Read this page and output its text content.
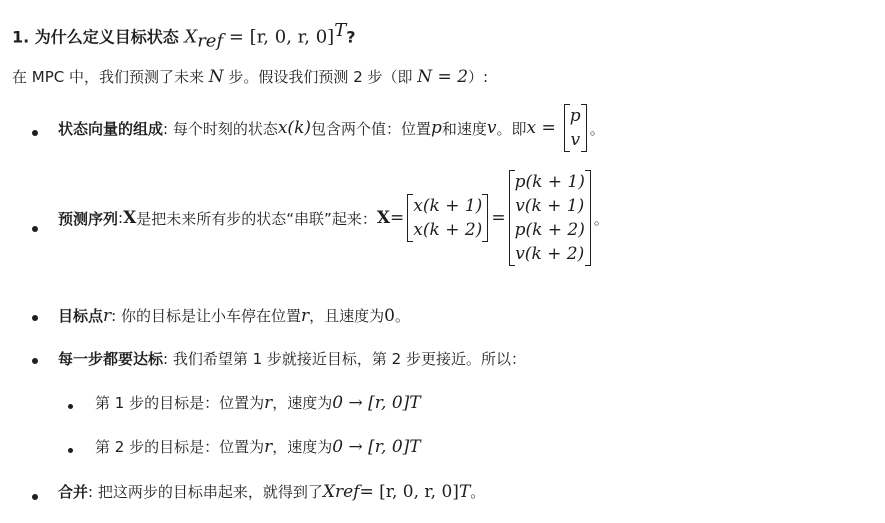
1. 为什么定义目标状态 $X_{ref} = [r$, 0, r, 0]$^T$?
在 MPC 中，我们预测了未来 N 步。假设我们预测 2 步（即 N = 2）:
状态向量的组成 : 每个时刻的状态 x(k) 包含两个值：位置 p 和速度 v 。即 x =
p
v
。
预测序列 : X 是把未来所有步的状态“串联”起来： X =
x(k + 1)
x(k + 2)
=
p(k + 1)
v(k + 1)
p(k + 2)
v(k + 2)
。
目标点 r : 你的目标是让小车停在位置 r ，且速度为 0 。
每一步都要达标 : 我们希望第 1 步就接近目标，第 2 步更接近。所以：
第 1 步的目标是：位置为 r ，速度为 0 → [r, 0] T
第 2 步的目标是：位置为 r ，速度为 0 → [r, 0] T
合并 : 把这两步的目标串起来，就得到了 X ref = [r, 0, r, 0] T 。
